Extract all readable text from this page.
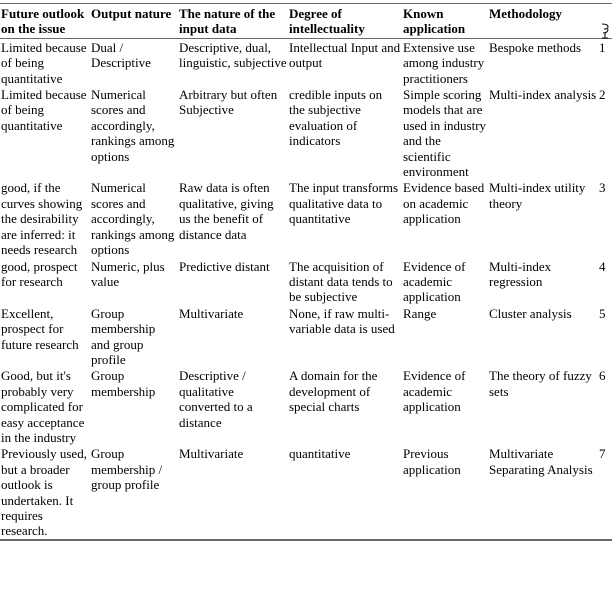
Future outlook on the issue	Output nature	The nature of the input data	Degree of intellectuality	Known application	Methodology	

Limited because of being quantitative	Dual / Descriptive	Descriptive, dual, linguistic, subjective	Intellectual Input and output	Extensive use among industry practitioners	Bespoke methods	1
Limited because of being quantitative	Numerical scores and accordingly, rankings among options	Arbitrary but often Subjective	credible inputs on the subjective evaluation of indicators	Simple scoring models that are used in industry and the scientific environment	Multi-index analysis	2
good, if the curves showing the desirability are inferred: it needs research	Numerical scores and accordingly, rankings among options	Raw data is often qualitative, giving us the benefit of distance data	The input transforms qualitative data to quantitative	Evidence based on academic application	Multi-index utility theory	3
good, prospect for research	Numeric, plus value	Predictive distant	The acquisition of distant data tends to be subjective	Evidence of academic application	Multi-index regression	4
Excellent, prospect for future research	Group membership and group profile	Multivariate	None, if raw multi-variable data is used	Range	Cluster analysis	5
Good, but it's probably very complicated for easy acceptance in the industry	Group membership	Descriptive / qualitative converted to a distance	A domain for the development of special charts	Evidence of academic application	The theory of fuzzy sets	6
Previously used, but a broader outlook is undertaken. It requires research.	Group membership / group profile	Multivariate	quantitative	Previous application	Multivariate Separating Analysis	7
